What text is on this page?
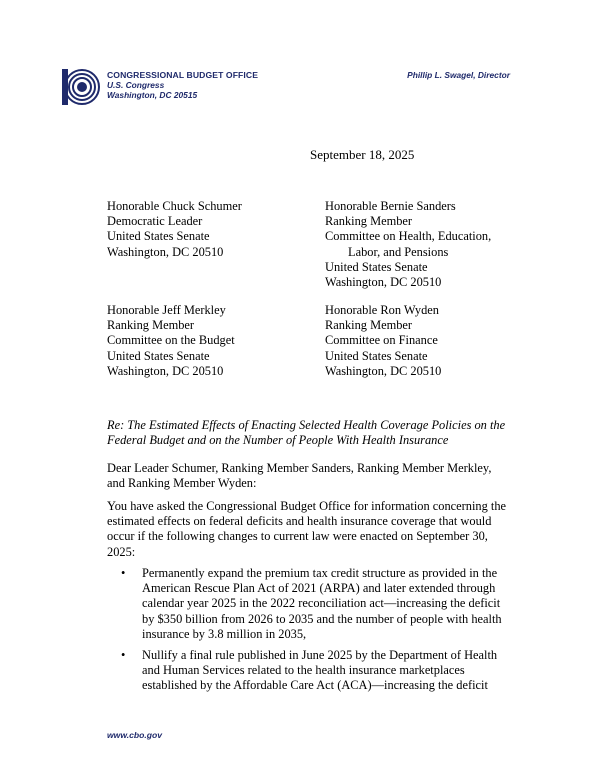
CONGRESSIONAL BUDGET OFFICE
U.S. Congress
Washington, DC 20515
Phillip L. Swagel, Director
September 18, 2025
Honorable Chuck Schumer
Democratic Leader
United States Senate
Washington, DC 20510
Honorable Bernie Sanders
Ranking Member
Committee on Health, Education,
Labor, and Pensions
United States Senate
Washington, DC 20510
Honorable Jeff Merkley
Ranking Member
Committee on the Budget
United States Senate
Washington, DC 20510
Honorable Ron Wyden
Ranking Member
Committee on Finance
United States Senate
Washington, DC 20510
Re: The Estimated Effects of Enacting Selected Health Coverage Policies on the Federal Budget and on the Number of People With Health Insurance
Dear Leader Schumer, Ranking Member Sanders, Ranking Member Merkley, and Ranking Member Wyden:
You have asked the Congressional Budget Office for information concerning the estimated effects on federal deficits and health insurance coverage that would occur if the following changes to current law were enacted on September 30, 2025:
• Permanently expand the premium tax credit structure as provided in the American Rescue Plan Act of 2021 (ARPA) and later extended through calendar year 2025 in the 2022 reconciliation act—increasing the deficit by $350 billion from 2026 to 2035 and the number of people with health insurance by 3.8 million in 2035,
• Nullify a final rule published in June 2025 by the Department of Health and Human Services related to the health insurance marketplaces established by the Affordable Care Act (ACA)—increasing the deficit
www.cbo.gov
